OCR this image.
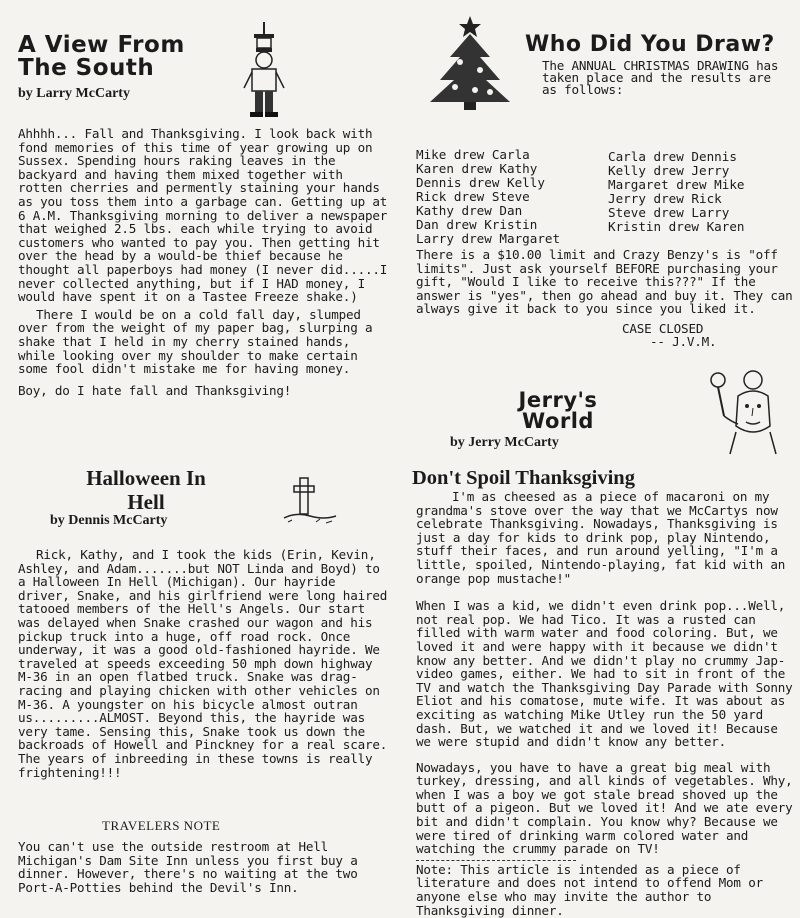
A View From
The South
by Larry McCarty

Ahhhh... Fall and Thanksgiving. I look back with fond memories of this time of year growing up on Sussex. Spending hours raking leaves in the backyard and having them mixed together with rotten cherries and permently staining your hands as you toss them into a garbage can. Getting up at 6 A.M. Thanksgiving morning to deliver a newspaper that weighed 2.5 lbs. each while trying to avoid customers who wanted to pay you. Then getting hit over the head by a would-be thief because he thought all paperboys had money (I never did.....I never collected anything, but if I HAD money, I would have spent it on a Tastee Freeze shake.)

There I would be on a cold fall day, slumped over from the weight of my paper bag, slurping a shake that I held in my cherry stained hands, while looking over my shoulder to make certain some fool didn't mistake me for having money.

Boy, do I hate fall and Thanksgiving!

Halloween In
Hell
by Dennis McCarty

Rick, Kathy, and I took the kids (Erin, Kevin, Ashley, and Adam.......but NOT Linda and Boyd) to a Halloween In Hell (Michigan). Our hayride driver, Snake, and his girlfriend were long haired tatooed members of the Hell's Angels. Our start was delayed when Snake crashed our wagon and his pickup truck into a huge, off road rock. Once underway, it was a good old-fashioned hayride. We traveled at speeds exceeding 50 mph down highway M-36 in an open flatbed truck. Snake was drag-racing and playing chicken with other vehicles on M-36. A youngster on his bicycle almost outran us.........ALMOST. Beyond this, the hayride was very tame. Sensing this, Snake took us down the backroads of Howell and Pinckney for a real scare. The years of inbreeding in these towns is really frightening!!!

TRAVELERS NOTE

You can't use the outside restroom at Hell Michigan's Dam Site Inn unless you first buy a dinner. However, there's no waiting at the two Port-A-Potties behind the Devil's Inn.

Who Did You Draw?

The ANNUAL CHRISTMAS DRAWING has taken place and the results are as follows:

Mike drew Carla
Karen drew Kathy
Dennis drew Kelly
Rick drew Steve
Kathy drew Dan
Dan drew Kristin
Larry drew Margaret
Carla drew Dennis
Kelly drew Jerry
Margaret drew Mike
Jerry drew Rick
Steve drew Larry
Kristin drew Karen

There is a $10.00 limit and Crazy Benzy's is "off limits". Just ask yourself BEFORE purchasing your gift, "Would I like to receive this???" If the answer is "yes", then go ahead and buy it. They can always give it back to you since you liked it.

CASE CLOSED
-- J.V.M.
Jerry's
World
by Jerry McCarty
Don't Spoil Thanksgiving

I'm as cheesed as a piece of macaroni on my grandma's stove over the way that we McCartys now celebrate Thanksgiving. Nowadays, Thanksgiving is just a day for kids to drink pop, play Nintendo, stuff their faces, and run around yelling, "I'm a little, spoiled, Nintendo-playing, fat kid with an orange pop mustache!"

When I was a kid, we didn't even drink pop...Well, not real pop. We had Tico. It was a rusted can filled with warm water and food coloring. But, we loved it and were happy with it because we didn't know any better. And we didn't play no crummy Jap-video games, either. We had to sit in front of the TV and watch the Thanksgiving Day Parade with Sonny Eliot and his comatose, mute wife. It was about as exciting as watching Mike Utley run the 50 yard dash. But, we watched it and we loved it! Because we were stupid and didn't know any better.

Nowadays, you have to have a great big meal with turkey, dressing, and all kinds of vegetables. Why, when I was a boy we got stale bread shoved up the butt of a pigeon. But we loved it! And we ate every bit and didn't complain. You know why? Because we were tired of drinking warm colored water and watching the crummy parade on TV!

Note: This article is intended as a piece of literature and does not intend to offend Mom or anyone else who may invite the author to Thanksgiving dinner.
